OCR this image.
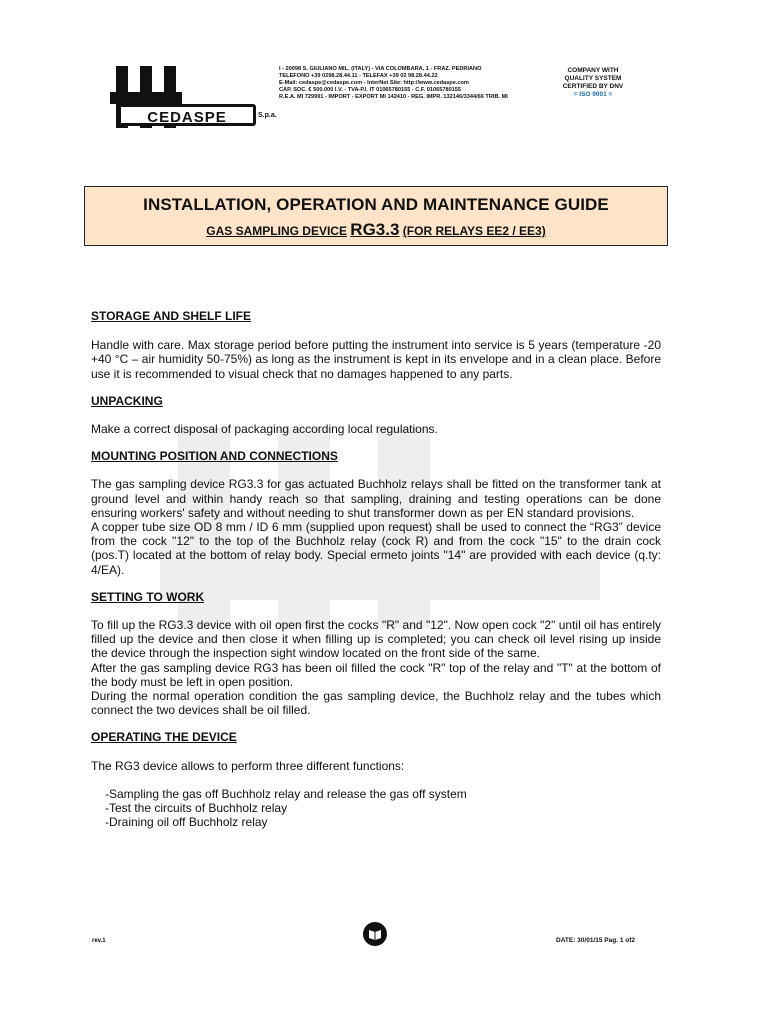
CEDASPE	S.p.a.
I - 20098 S. GIULIANO MIL. (ITALY) - VIA COLOMBARA, 1 - FRAZ. PEDRIANO
TELEFONO +39 0298.28.44.11 - TELEFAX +39 02 98.28.44.22
E-Mail: cedaspe@cedaspe.com - InterNet Site: http://www.cedaspe.com
CAP. SOC. € 500.000 I.V. - TVA-P.I. IT 01065780155 - C.F. 01065780155
R.E.A. MI 729991 - IMPORT - EXPORT MI 142410 - REG. IMPR. 132146/3344/66 TRIB. MI
COMPANY WITH
QUALITY SYSTEM
CERTIFIED BY DNV
= ISO 9001 =
INSTALLATION, OPERATION AND MAINTENANCE GUIDE
GAS SAMPLING DEVICE RG3.3 (FOR RELAYS EE2 / EE3)
STORAGE AND SHELF LIFE
Handle with care. Max storage period before putting the instrument into service is 5 years (temperature -20 +40 °C – air humidity 50-75%) as long as the instrument is kept in its envelope and in a clean place. Before use it is recommended to visual check that no damages happened to any parts.
UNPACKING
Make a correct disposal of packaging according local regulations.
MOUNTING POSITION AND CONNECTIONS
The gas sampling device RG3.3 for gas actuated Buchholz relays shall be fitted on the transformer tank at ground level and within handy reach so that sampling, draining and testing operations can be done ensuring workers' safety and without needing to shut transformer down as per EN standard provisions.
A copper tube size OD 8 mm / ID 6 mm (supplied upon request) shall be used to connect the “RG3” device from the cock "12" to the top of the Buchholz relay (cock R) and from the cock "15" to the drain cock (pos.T) located at the bottom of relay body. Special ermeto joints "14" are provided with each device (q.ty: 4/EA).
SETTING TO WORK
To fill up the RG3.3 device with oil open first the cocks "R" and "12". Now open cock "2" until oil has entirely filled up the device and then close it when filling up is completed; you can check oil level rising up inside the device through the inspection sight window located on the front side of the same.
After the gas sampling device RG3 has been oil filled the cock "R" top of the relay and "T" at the bottom of the body must be left in open position.
During the normal operation condition the gas sampling device, the Buchholz relay and the tubes which connect the two devices shall be oil filled.
OPERATING THE DEVICE
The RG3 device allows to perform three different functions:
-Sampling the gas off Buchholz relay and release the gas off system
-Test the circuits of Buchholz relay
-Draining oil off Buchholz relay
rev.1	DATE: 30/01/15 Pag. 1 of2
